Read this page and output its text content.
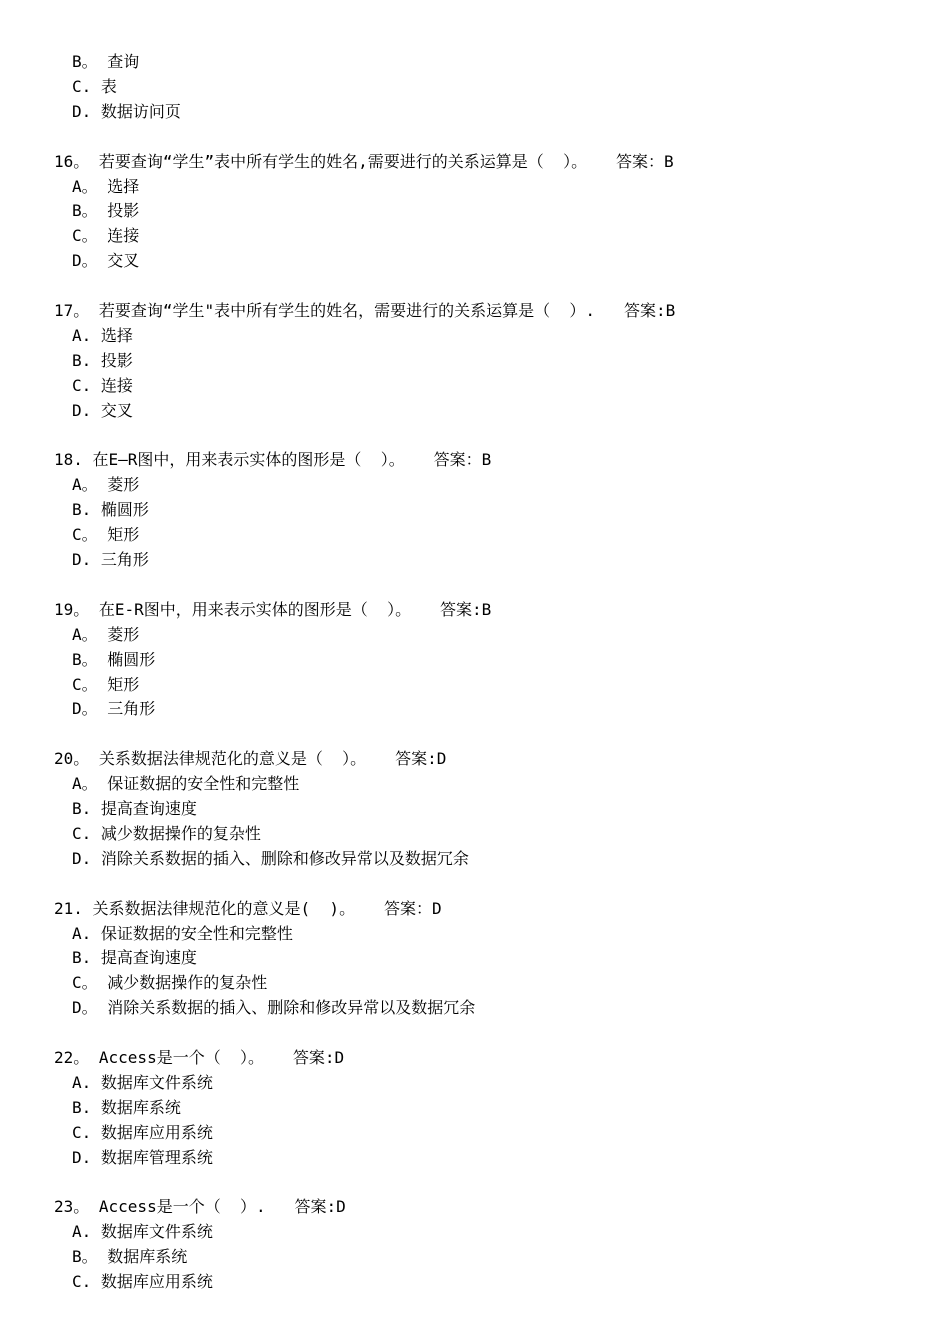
B。 查询
C. 表
D. 数据访问页
16。 若要查询“学生”表中所有学生的姓名,需要进行的关系运算是（  ）。   答案：B
A。 选择
B。 投影
C。 连接
D。 交叉
17。 若要查询“学生"表中所有学生的姓名，需要进行的关系运算是（  ）.   答案:B
A. 选择
B. 投影
C. 连接
D. 交叉
18. 在E—R图中，用来表示实体的图形是（  ）。   答案：B
A。 菱形
B. 椭圆形
C。 矩形
D. 三角形
19。 在E-R图中，用来表示实体的图形是（  ）。   答案:B
A。 菱形
B。 椭圆形
C。 矩形
D。 三角形
20。 关系数据法律规范化的意义是（  ）。   答案:D
A。 保证数据的安全性和完整性
B. 提高查询速度
C. 减少数据操作的复杂性
D. 消除关系数据的插入、删除和修改异常以及数据冗余
21. 关系数据法律规范化的意义是(  )。   答案：D
A. 保证数据的安全性和完整性
B. 提高查询速度
C。 减少数据操作的复杂性
D。 消除关系数据的插入、删除和修改异常以及数据冗余
22。 Access是一个（  ）。   答案:D
A. 数据库文件系统
B. 数据库系统
C. 数据库应用系统
D. 数据库管理系统
23。 Access是一个（  ）.   答案:D
A. 数据库文件系统
B。 数据库系统
C. 数据库应用系统
